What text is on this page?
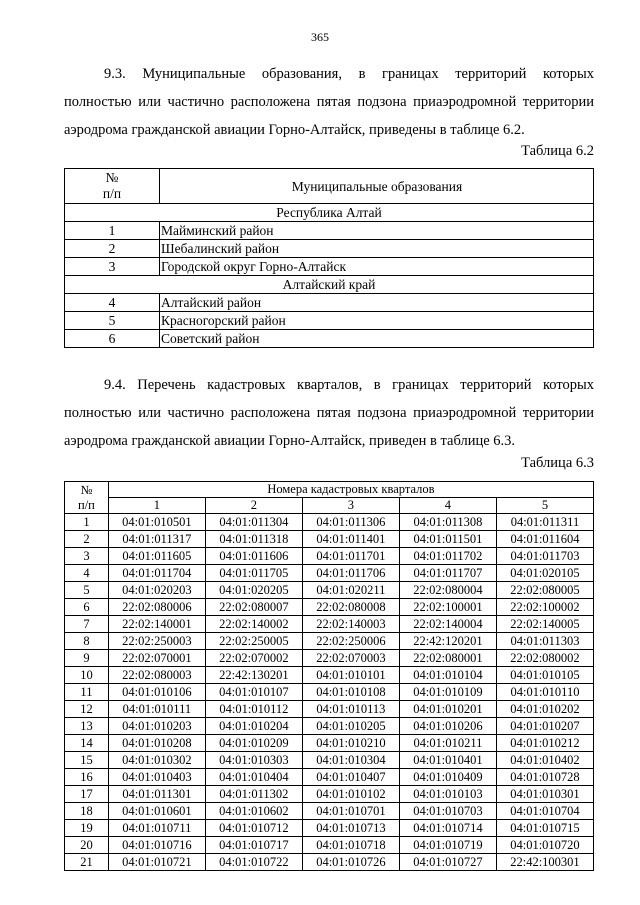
365

9.3. Муниципальные образования, в границах территорий которых

полностью или частично расположена пятая подзона приаэродромной территории

аэродрома гражданской авиации Горно-Алтайск, приведены в таблице 6.2.

Таблица 6.2
№
п/п	Муниципальные образования
Республика Алтай	
1	Майминский район
2	Шебалинский район
3	Городской округ Горно-Алтайск
Алтайский край	
4	Алтайский район
5	Красногорский район
6	Советский район

9.4. Перечень кадастровых кварталов, в границах территорий которых

полностью или частично расположена пятая подзона приаэродромной территории

аэродрома гражданской авиации Горно-Алтайск, приведен в таблице 6.3.

Таблица 6.3
№
п/п	Номера кадастровых кварталов				
	1	2	3	4	5
1	04:01:010501	04:01:011304	04:01:011306	04:01:011308	04:01:011311
2	04:01:011317	04:01:011318	04:01:011401	04:01:011501	04:01:011604
3	04:01:011605	04:01:011606	04:01:011701	04:01:011702	04:01:011703
4	04:01:011704	04:01:011705	04:01:011706	04:01:011707	04:01:020105
5	04:01:020203	04:01:020205	04:01:020211	22:02:080004	22:02:080005
6	22:02:080006	22:02:080007	22:02:080008	22:02:100001	22:02:100002
7	22:02:140001	22:02:140002	22:02:140003	22:02:140004	22:02:140005
8	22:02:250003	22:02:250005	22:02:250006	22:42:120201	04:01:011303
9	22:02:070001	22:02:070002	22:02:070003	22:02:080001	22:02:080002
10	22:02:080003	22:42:130201	04:01:010101	04:01:010104	04:01:010105
11	04:01:010106	04:01:010107	04:01:010108	04:01:010109	04:01:010110
12	04:01:010111	04:01:010112	04:01:010113	04:01:010201	04:01:010202
13	04:01:010203	04:01:010204	04:01:010205	04:01:010206	04:01:010207
14	04:01:010208	04:01:010209	04:01:010210	04:01:010211	04:01:010212
15	04:01:010302	04:01:010303	04:01:010304	04:01:010401	04:01:010402
16	04:01:010403	04:01:010404	04:01:010407	04:01:010409	04:01:010728
17	04:01:011301	04:01:011302	04:01:010102	04:01:010103	04:01:010301
18	04:01:010601	04:01:010602	04:01:010701	04:01:010703	04:01:010704
19	04:01:010711	04:01:010712	04:01:010713	04:01:010714	04:01:010715
20	04:01:010716	04:01:010717	04:01:010718	04:01:010719	04:01:010720
21	04:01:010721	04:01:010722	04:01:010726	04:01:010727	22:42:100301
